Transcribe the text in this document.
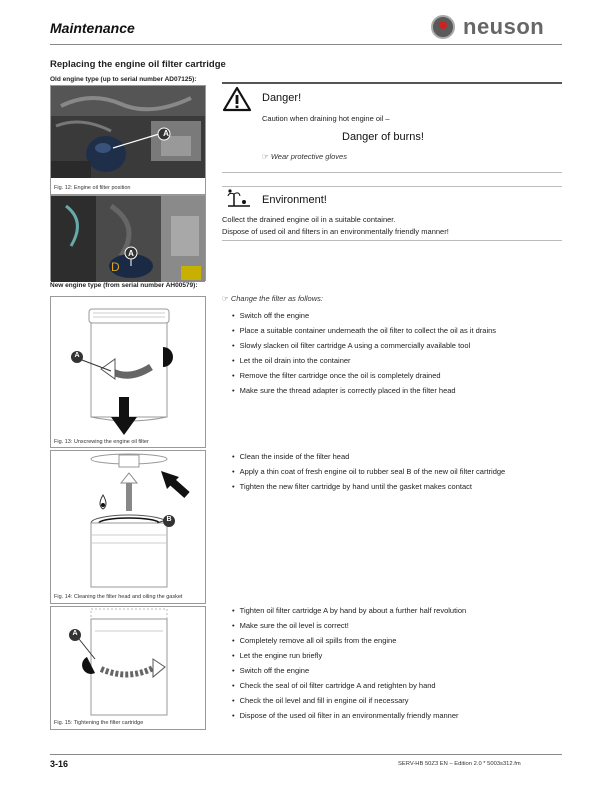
Maintenance	neuson
Replacing the engine oil filter cartridge
Old engine type (up to serial number AD07125):
A
Fig. 12: Engine oil filter position
D
A
New engine type (from serial number AH00579):
A
Fig. 13: Unscrewing the engine oil filter
B
Fig. 14: Cleaning the filter head and oiling the gasket
A
Fig. 15: Tightening the filter cartridge
Danger!
Caution when draining hot engine oil –
Danger of burns!
☞ Wear protective gloves
Environment!
Collect the drained engine oil in a suitable container.
Dispose of used oil and filters in an environmentally friendly manner!
☞ Change the filter as follows:
• Switch off the engine
• Place a suitable container underneath the oil filter to collect the oil as it drains
• Slowly slacken oil filter cartridge A using a commercially available tool
• Let the oil drain into the container
• Remove the filter cartridge once the oil is completely drained
• Make sure the thread adapter is correctly placed in the filter head
• Clean the inside of the filter head
• Apply a thin coat of fresh engine oil to rubber seal B of the new oil filter cartridge
• Tighten the new filter cartridge by hand until the gasket makes contact
• Tighten oil filter cartridge A by hand by about a further half revolution
• Make sure the oil level is correct!
• Completely remove all oil spills from the engine
• Let the engine run briefly
• Switch off the engine
• Check the seal of oil filter cartridge A and retighten by hand
• Check the oil level and fill in engine oil if necessary
• Dispose of the used oil filter in an environmentally friendly manner
3-16	SERV-HB 50Z3 EN – Edition 2.0 * 5003s312.fm
